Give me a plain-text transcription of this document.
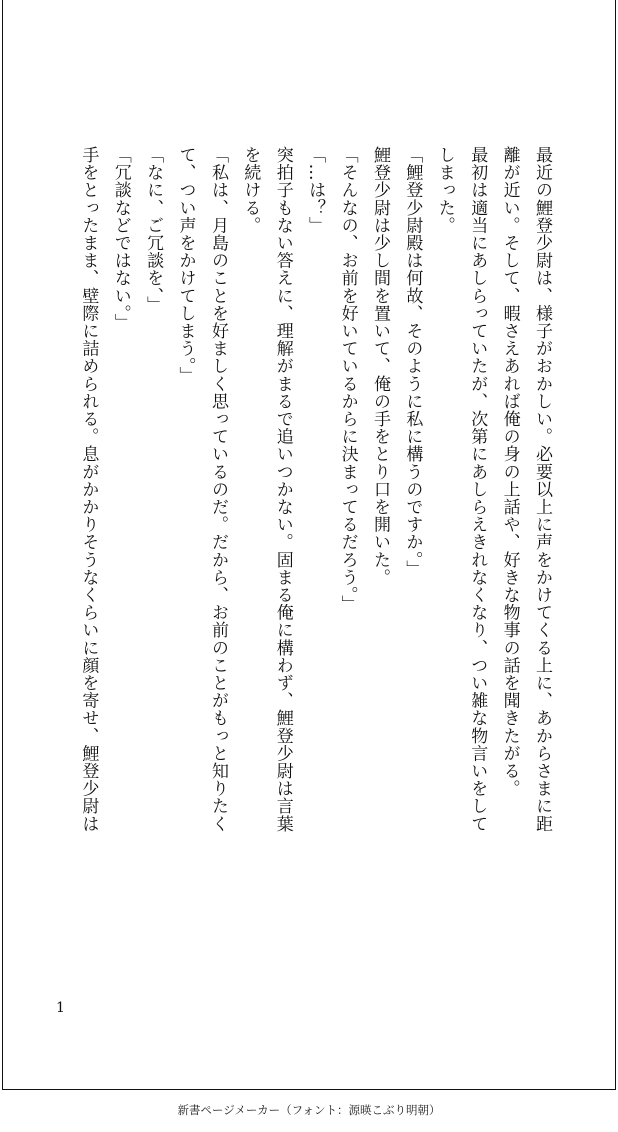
最近の鯉登少尉は、様子がおかしい。必要以上に声をかけてくる上に、あからさまに距
離が近い。そして、暇さえあれば俺の身の上話や、好きな物事の話を聞きたがる。
最初は適当にあしらっていたが、次第にあしらえきれなくなり、つい雑な物言いをして
しまった。
「鯉登少尉殿は何故、そのように私に構うのですか。」
鯉登少尉は少し間を置いて、俺の手をとり口を開いた。
「そんなの、お前を好いているからに決まってるだろう。」
「…は？」
突拍子もない答えに、理解がまるで追いつかない。固まる俺に構わず、鯉登少尉は言葉
を続ける。
「私は、月島のことを好ましく思っているのだ。だから、お前のことがもっと知りたく
て、つい声をかけてしまう。」
「なに、ご冗談を、」
「冗談などではない。」
手をとったまま、壁際に詰められる。息がかかりそうなくらいに顔を寄せ、鯉登少尉は
1
新書ページメーカー（フォント：源暎こぶり明朝）
